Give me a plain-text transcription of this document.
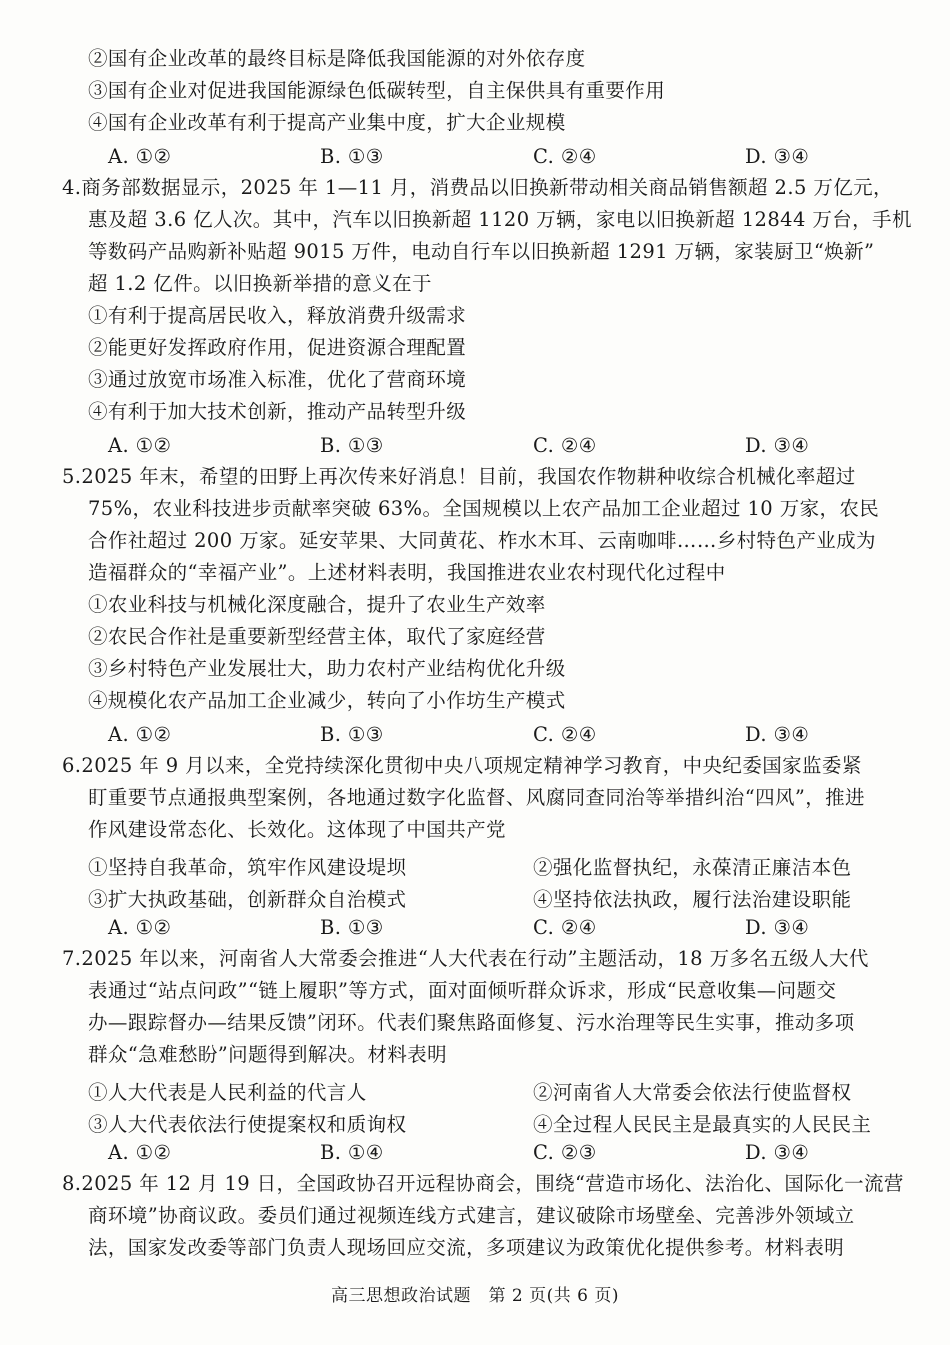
②国有企业改革的最终目标是降低我国能源的对外依存度
③国有企业对促进我国能源绿色低碳转型，自主保供具有重要作用
④国有企业改革有利于提高产业集中度，扩大企业规模
A. ①②	B. ①③	C. ②④	D. ③④
4.商务部数据显示，2025 年 1—11 月，消费品以旧换新带动相关商品销售额超 2.5 万亿元，
惠及超 3.6 亿人次。其中，汽车以旧换新超 1120 万辆，家电以旧换新超 12844 万台，手机
等数码产品购新补贴超 9015 万件，电动自行车以旧换新超 1291 万辆，家装厨卫“焕新”
超 1.2 亿件。以旧换新举措的意义在于
①有利于提高居民收入，释放消费升级需求
②能更好发挥政府作用，促进资源合理配置
③通过放宽市场准入标准，优化了营商环境
④有利于加大技术创新，推动产品转型升级
A. ①②	B. ①③	C. ②④	D. ③④
5.2025 年末，希望的田野上再次传来好消息！目前，我国农作物耕种收综合机械化率超过
75%，农业科技进步贡献率突破 63%。全国规模以上农产品加工企业超过 10 万家，农民
合作社超过 200 万家。延安苹果、大同黄花、柞水木耳、云南咖啡……乡村特色产业成为
造福群众的“幸福产业”。上述材料表明，我国推进农业农村现代化过程中
①农业科技与机械化深度融合，提升了农业生产效率
②农民合作社是重要新型经营主体，取代了家庭经营
③乡村特色产业发展壮大，助力农村产业结构优化升级
④规模化农产品加工企业减少，转向了小作坊生产模式
A. ①②	B. ①③	C. ②④	D. ③④
6.2025 年 9 月以来，全党持续深化贯彻中央八项规定精神学习教育，中央纪委国家监委紧
盯重要节点通报典型案例，各地通过数字化监督、风腐同查同治等举措纠治“四风”，推进
作风建设常态化、长效化。这体现了中国共产党
①坚持自我革命，筑牢作风建设堤坝	②强化监督执纪，永葆清正廉洁本色
③扩大执政基础，创新群众自治模式	④坚持依法执政，履行法治建设职能
A. ①②	B. ①③	C. ②④	D. ③④
7.2025 年以来，河南省人大常委会推进“人大代表在行动”主题活动，18 万多名五级人大代
表通过“站点问政”“链上履职”等方式，面对面倾听群众诉求，形成“民意收集—问题交
办—跟踪督办—结果反馈”闭环。代表们聚焦路面修复、污水治理等民生实事，推动多项
群众“急难愁盼”问题得到解决。材料表明
①人大代表是人民利益的代言人	②河南省人大常委会依法行使监督权
③人大代表依法行使提案权和质询权	④全过程人民民主是最真实的人民民主
A. ①②	B. ①④	C. ②③	D. ③④
8.2025 年 12 月 19 日，全国政协召开远程协商会，围绕“营造市场化、法治化、国际化一流营
商环境”协商议政。委员们通过视频连线方式建言，建议破除市场壁垒、完善涉外领域立
法，国家发改委等部门负责人现场回应交流，多项建议为政策优化提供参考。材料表明
高三思想政治试题　第 2 页(共 6 页)
